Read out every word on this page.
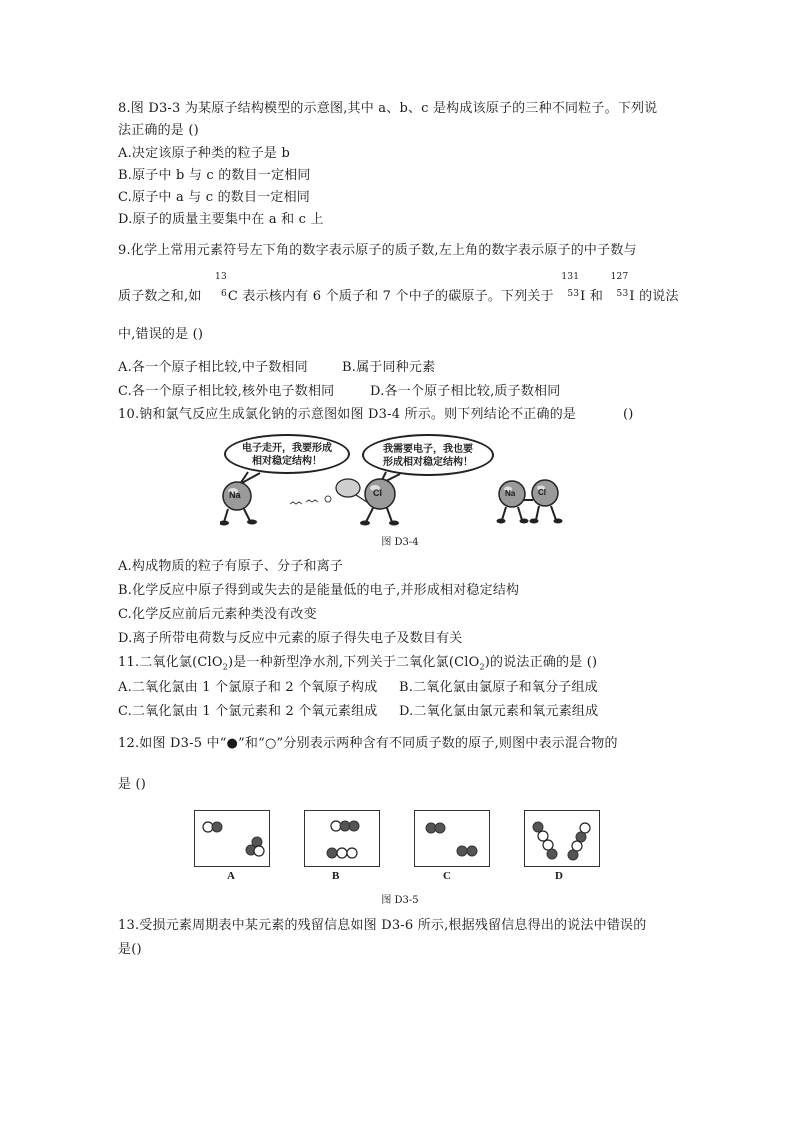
8.图 D3-3 为某原子结构模型的示意图,其中 a、b、c 是构成该原子的三种不同粒子。下列说
法正确的是 ()
A.决定该原子种类的粒子是 b
B.原子中 b 与 c 的数目一定相同
C.原子中 a 与 c 的数目一定相同
D.原子的质量主要集中在 a 和 c 上
9.化学上常用元素符号左下角的数字表示原子的质子数,左上角的数字表示原子的中子数与
质子数之和,如
13
6 C 表示核内有 6 个质子和 7 个中子的碳原子。下列关于
131
53 I 和
127
53 I 的说法
中,错误的是 ()
A.各一个原子相比较,中子数相同	B.属于同种元素
C.各一个原子相比较,核外电子数相同	D.各一个原子相比较,质子数相同
10.钠和氯气反应生成氯化钠的示意图如图 D3-4 所示。则下列结论不正确的是	()
电子走开，我要形成
相对稳定结构！
我需要电子，我也要
形成相对稳定结构！
Na	Cl	Na	Cl
图 D3-4
A.构成物质的粒子有原子、分子和离子
B.化学反应中原子得到或失去的是能量低的电子,并形成相对稳定结构
C.化学反应前后元素种类没有改变
D.离子所带电荷数与反应中元素的原子得失电子及数目有关
11.二氧化氯(ClO$_2$)是一种新型净水剂,下列关于二氧化氯(ClO$_2$)的说法正确的是 ()
A.二氧化氯由 1 个氯原子和 2 个氧原子构成 B.二氧化氯由氯原子和氧分子组成
C.二氧化氯由 1 个氯元素和 2 个氧元素组成 D.二氧化氯由氯元素和氧元素组成
12.如图 D3-5 中“●”和“○”分别表示两种含有不同质子数的原子,则图中表示混合物的
是 ()
A	B	C	D
图 D3-5
13.受损元素周期表中某元素的残留信息如图 D3-6 所示,根据残留信息得出的说法中错误的
是()
